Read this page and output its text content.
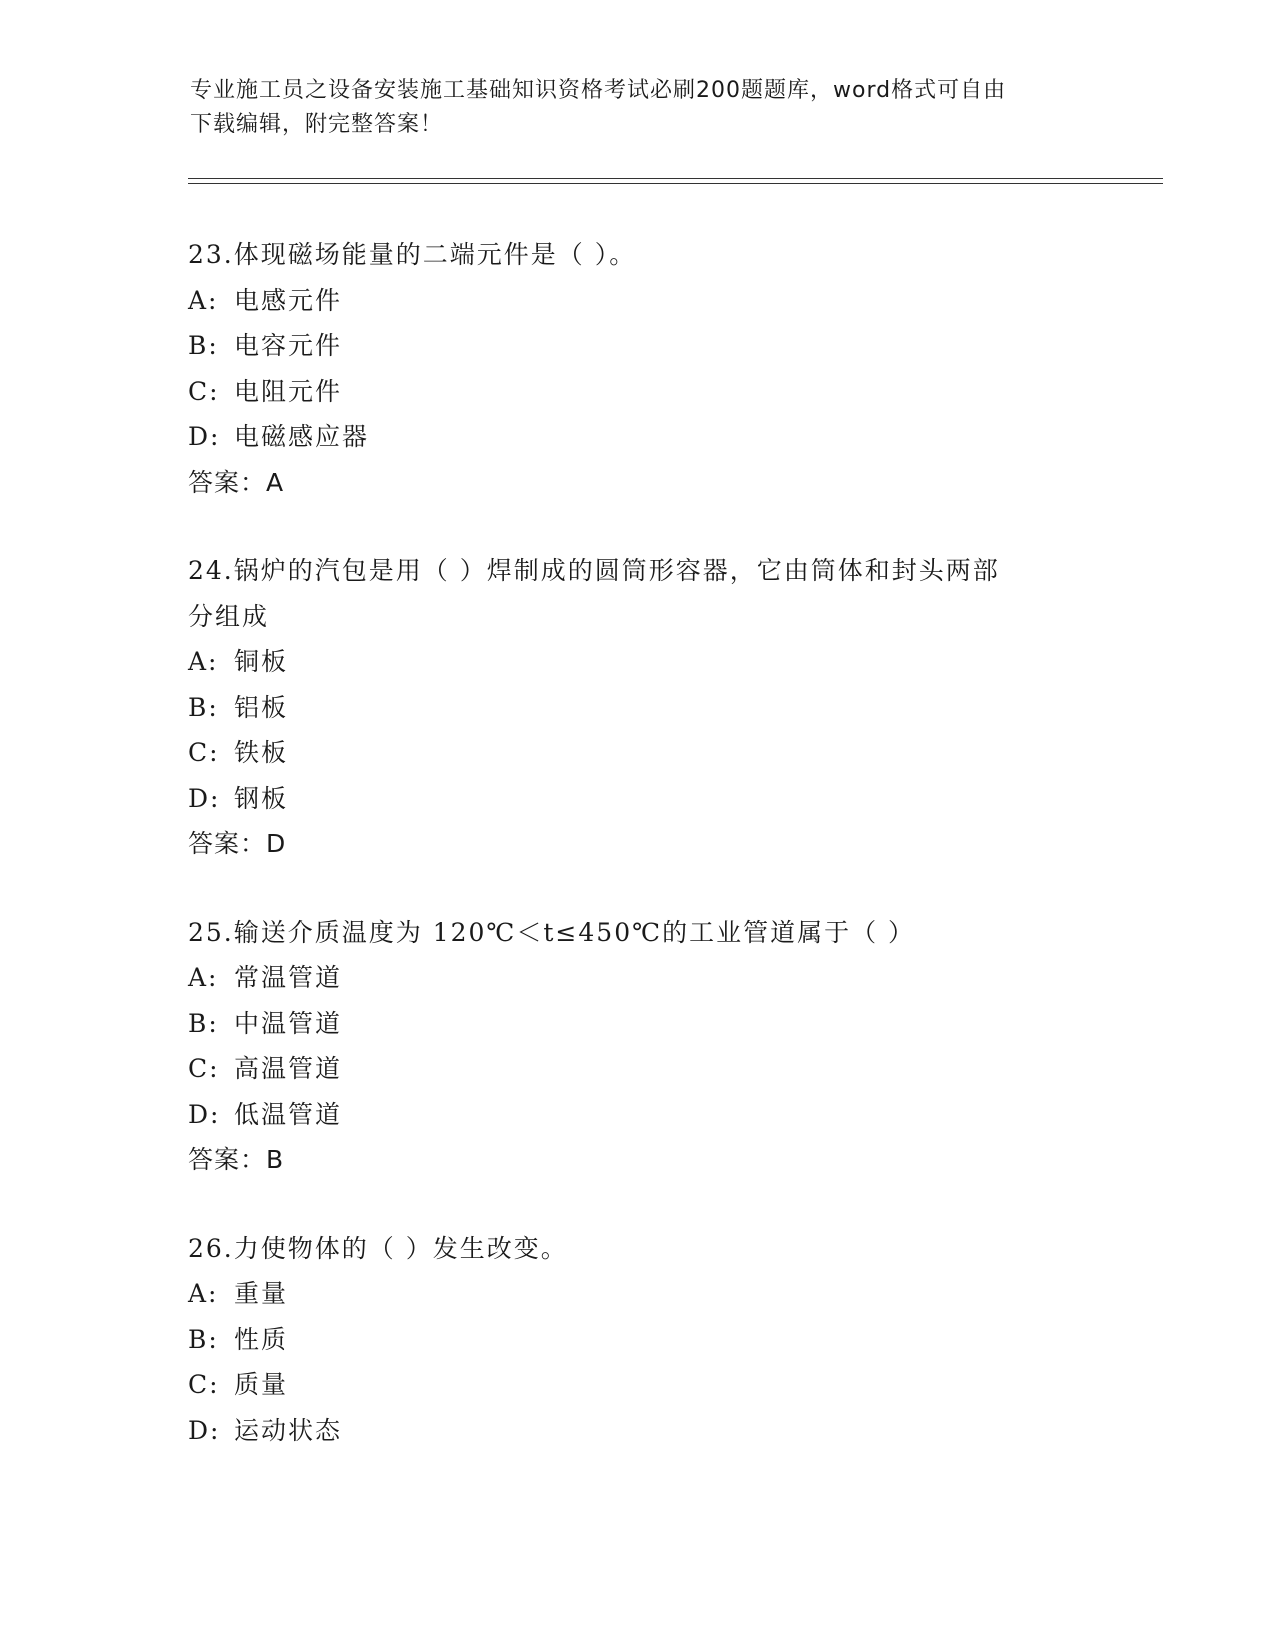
专业施工员之设备安装施工基础知识资格考试必刷200题题库，word格式可自由
下载编辑，附完整答案！
23.体现磁场能量的二端元件是（ ）。
A: 电感元件
B: 电容元件
C: 电阻元件
D: 电磁感应器
答案：A
24.锅炉的汽包是用（ ）焊制成的圆筒形容器，它由筒体和封头两部
分组成
A: 铜板
B: 铝板
C: 铁板
D: 钢板
答案：D
25.输送介质温度为 120℃＜t≤450℃的工业管道属于（ ）
A: 常温管道
B: 中温管道
C: 高温管道
D: 低温管道
答案：B
26.力使物体的（ ）发生改变。
A: 重量
B: 性质
C: 质量
D: 运动状态
